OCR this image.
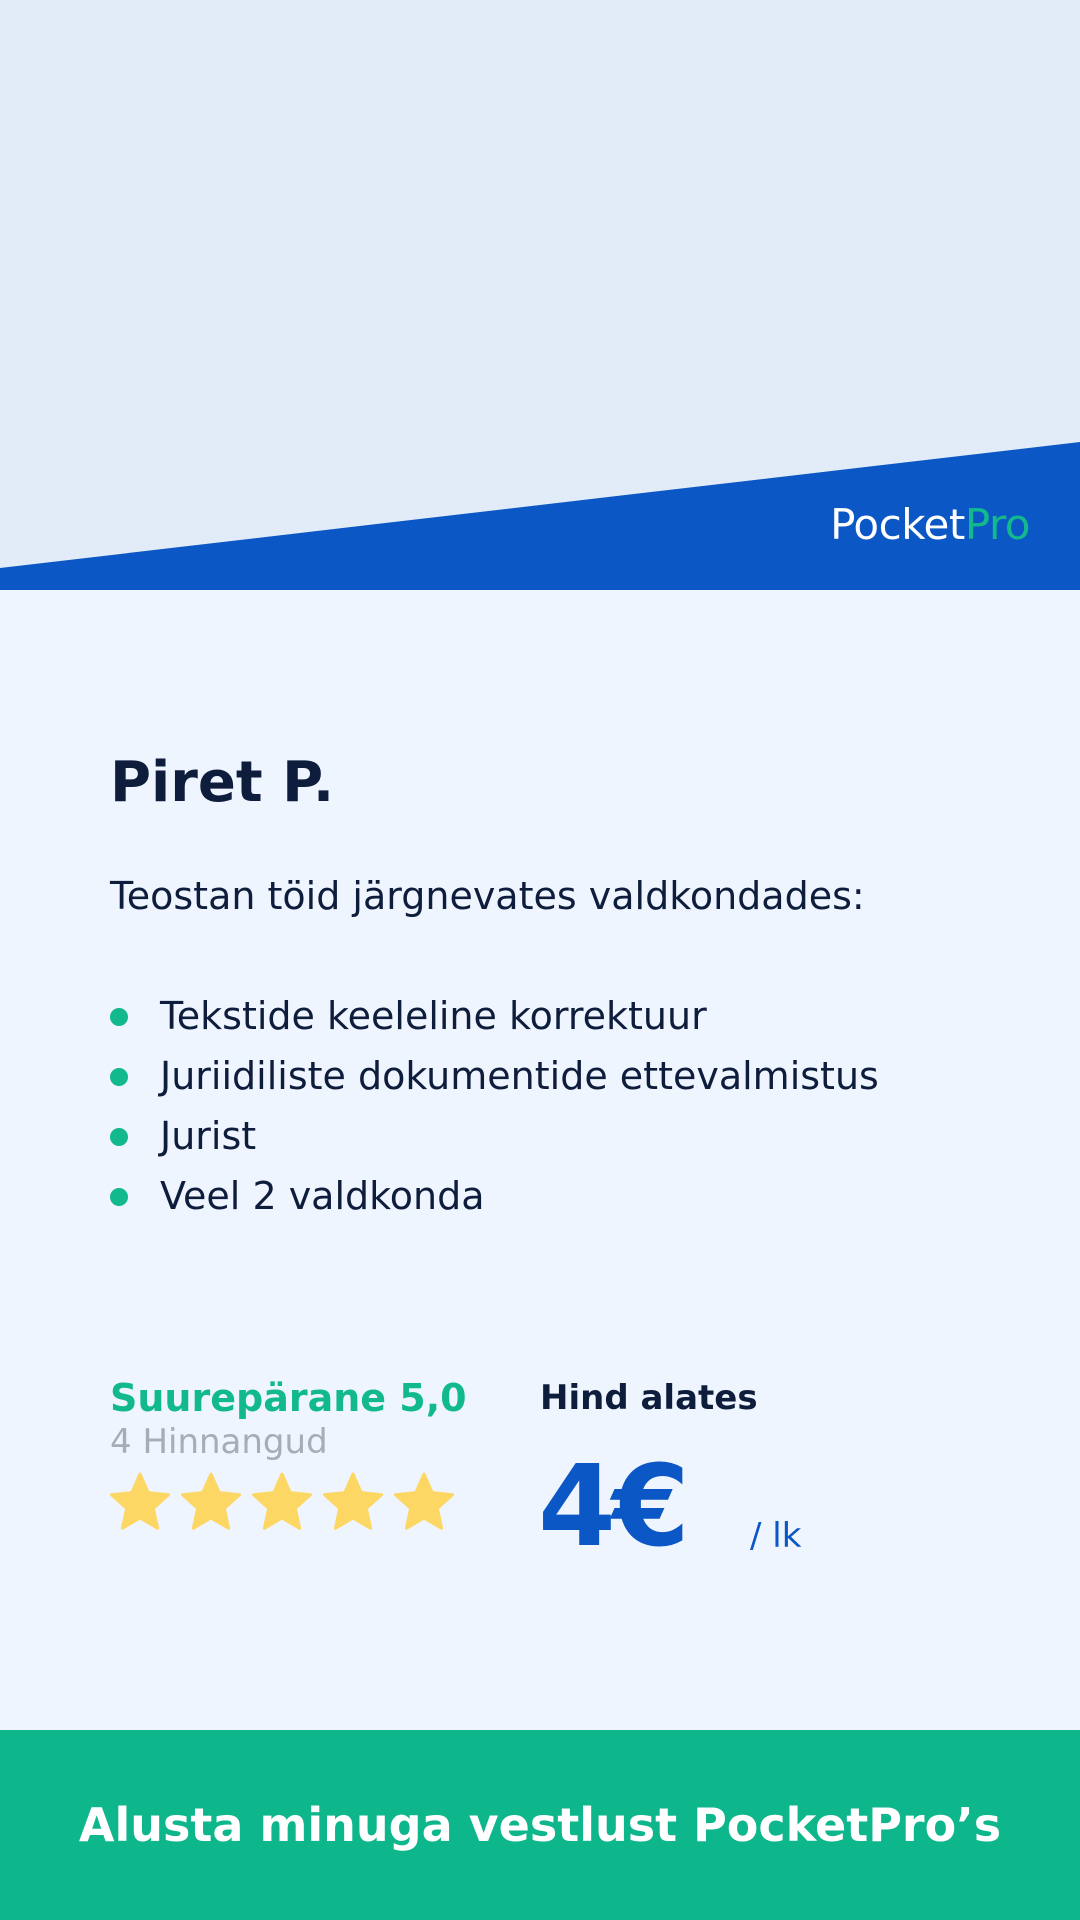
PocketPro
Piret P.

Teostan töid järgnevates valdkondades:

Tekstide keeleline korrektuur
Juriidiliste dokumentide ettevalmistus
Jurist
Veel 2 valdkonda
Suurepärane 5,0
4 Hinnangud
Hind alates
4€ / lk
Alusta minuga vestlust PocketPro’s
